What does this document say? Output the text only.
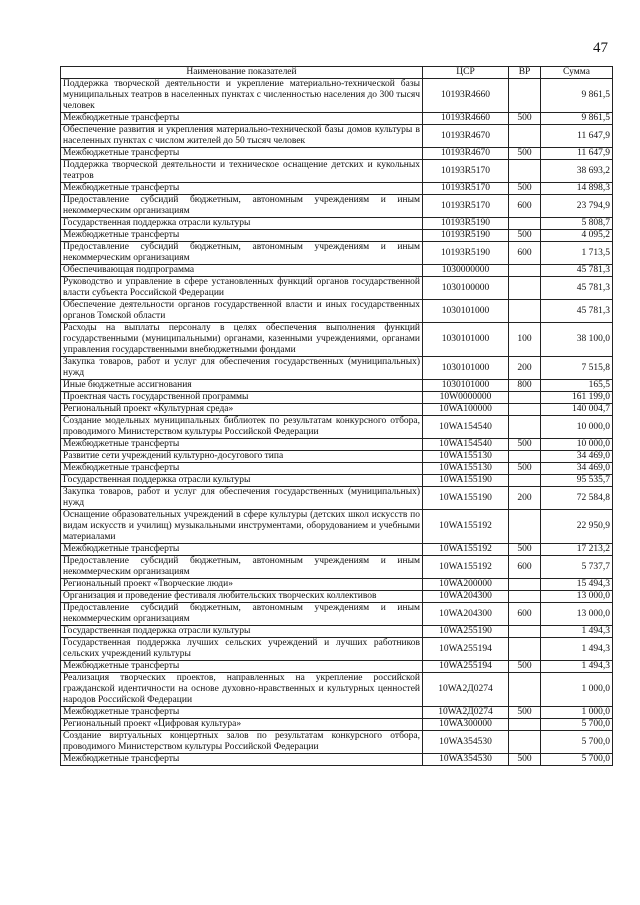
47
Наименование показателей	ЦСР	ВР	Сумма
Поддержка творческой деятельности и укрепление материально-технической базы муниципальных театров в населенных пунктах с численностью населения до 300 тысяч человек	10193R4660		9 861,5
Межбюджетные трансферты	10193R4660	500	9 861,5
Обеспечение развития и укрепления материально-технической базы домов культуры в населенных пунктах с числом жителей до 50 тысяч человек	10193R4670		11 647,9
Межбюджетные трансферты	10193R4670	500	11 647,9
Поддержка творческой деятельности и техническое оснащение детских и кукольных театров	10193R5170		38 693,2
Межбюджетные трансферты	10193R5170	500	14 898,3
Предоставление субсидий бюджетным, автономным учреждениям и иным некоммерческим организациям	10193R5170	600	23 794,9
Государственная поддержка отрасли культуры	10193R5190		5 808,7
Межбюджетные трансферты	10193R5190	500	4 095,2
Предоставление субсидий бюджетным, автономным учреждениям и иным некоммерческим организациям	10193R5190	600	1 713,5
Обеспечивающая подпрограмма	1030000000		45 781,3
Руководство и управление в сфере установленных функций органов государственной власти субъекта Российской Федерации	1030100000		45 781,3
Обеспечение деятельности органов государственной власти и иных государственных органов Томской области	1030101000		45 781,3
Расходы на выплаты персоналу в целях обеспечения выполнения функций государственными (муниципальными) органами, казенными учреждениями, органами управления государственными внебюджетными фондами	1030101000	100	38 100,0
Закупка товаров, работ и услуг для обеспечения государственных (муниципальных) нужд	1030101000	200	7 515,8
Иные бюджетные ассигнования	1030101000	800	165,5
Проектная часть государственной программы	10W0000000		161 199,0
Региональный проект «Культурная среда»	10WA100000		140 004,7
Создание модельных муниципальных библиотек по результатам конкурсного отбора, проводимого Министерством культуры Российской Федерации	10WA154540		10 000,0
Межбюджетные трансферты	10WA154540	500	10 000,0
Развитие сети учреждений культурно-досугового типа	10WA155130		34 469,0
Межбюджетные трансферты	10WA155130	500	34 469,0
Государственная поддержка отрасли культуры	10WA155190		95 535,7
Закупка товаров, работ и услуг для обеспечения государственных (муниципальных) нужд	10WA155190	200	72 584,8
Оснащение образовательных учреждений в сфере культуры (детских школ искусств по видам искусств и училищ) музыкальными инструментами, оборудованием и учебными материалами	10WA155192		22 950,9
Межбюджетные трансферты	10WA155192	500	17 213,2
Предоставление субсидий бюджетным, автономным учреждениям и иным некоммерческим организациям	10WA155192	600	5 737,7
Региональный проект «Творческие люди»	10WA200000		15 494,3
Организация и проведение фестиваля любительских творческих коллективов	10WA204300		13 000,0
Предоставление субсидий бюджетным, автономным учреждениям и иным некоммерческим организациям	10WA204300	600	13 000,0
Государственная поддержка отрасли культуры	10WA255190		1 494,3
Государственная поддержка лучших сельских учреждений и лучших работников сельских учреждений культуры	10WA255194		1 494,3
Межбюджетные трансферты	10WA255194	500	1 494,3
Реализация творческих проектов, направленных на укрепление российской гражданской идентичности на основе духовно-нравственных и культурных ценностей народов Российской Федерации	10WA2Д0274		1 000,0
Межбюджетные трансферты	10WA2Д0274	500	1 000,0
Региональный проект «Цифровая культура»	10WA300000		5 700,0
Создание виртуальных концертных залов по результатам конкурсного отбора, проводимого Министерством культуры Российской Федерации	10WA354530		5 700,0
Межбюджетные трансферты	10WA354530	500	5 700,0
